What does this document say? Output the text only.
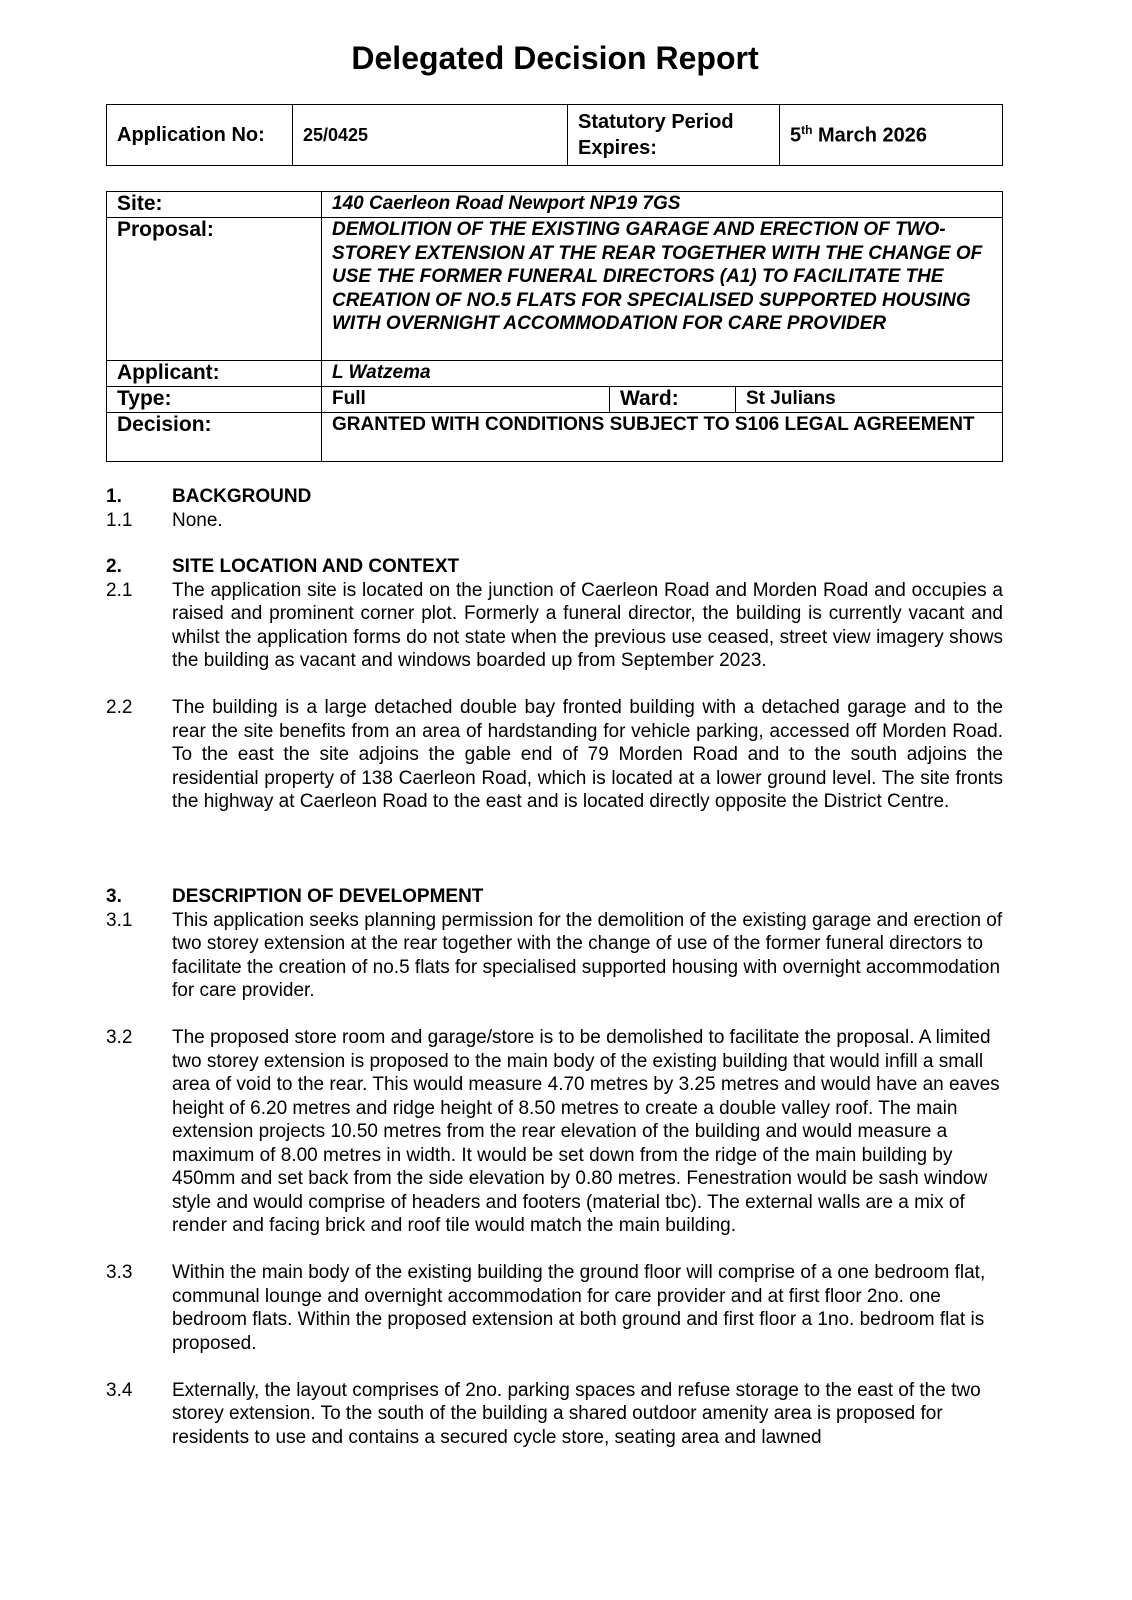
Delegated Decision Report
Application No:	25/0425	Statutory Period Expires:	5th March 2026
Site:	140 Caerleon Road Newport NP19 7GS		
Proposal:	DEMOLITION OF THE EXISTING GARAGE AND ERECTION OF TWO-STOREY EXTENSION AT THE REAR TOGETHER WITH THE CHANGE OF USE THE FORMER FUNERAL DIRECTORS (A1) TO FACILITATE THE CREATION OF NO.5 FLATS FOR SPECIALISED SUPPORTED HOUSING WITH OVERNIGHT ACCOMMODATION FOR CARE PROVIDER		
Applicant:	L Watzema		
Type:	Full	Ward:	St Julians
Decision:	GRANTED WITH CONDITIONS SUBJECT TO S106 LEGAL AGREEMENT		
1.	BACKGROUND
1.1 None.
2.	SITE LOCATION AND CONTEXT
2.1 The application site is located on the junction of Caerleon Road and Morden Road and occupies a raised and prominent corner plot. Formerly a funeral director, the building is currently vacant and whilst the application forms do not state when the previous use ceased, street view imagery shows the building as vacant and windows boarded up from September 2023.
2.2 The building is a large detached double bay fronted building with a detached garage and to the rear the site benefits from an area of hardstanding for vehicle parking, accessed off Morden Road. To the east the site adjoins the gable end of 79 Morden Road and to the south adjoins the residential property of 138 Caerleon Road, which is located at a lower ground level. The site fronts the highway at Caerleon Road to the east and is located directly opposite the District Centre.
3.	DESCRIPTION OF DEVELOPMENT
3.1 This application seeks planning permission for the demolition of the existing garage and erection of two storey extension at the rear together with the change of use of the former funeral directors to facilitate the creation of no.5 flats for specialised supported housing with overnight accommodation for care provider.
3.2 The proposed store room and garage/store is to be demolished to facilitate the proposal. A limited two storey extension is proposed to the main body of the existing building that would infill a small area of void to the rear. This would measure 4.70 metres by 3.25 metres and would have an eaves height of 6.20 metres and ridge height of 8.50 metres to create a double valley roof. The main extension projects 10.50 metres from the rear elevation of the building and would measure a maximum of 8.00 metres in width. It would be set down from the ridge of the main building by 450mm and set back from the side elevation by 0.80 metres. Fenestration would be sash window style and would comprise of headers and footers (material tbc). The external walls are a mix of render and facing brick and roof tile would match the main building.
3.3 Within the main body of the existing building the ground floor will comprise of a one bedroom flat, communal lounge and overnight accommodation for care provider and at first floor 2no. one bedroom flats. Within the proposed extension at both ground and first floor a 1no. bedroom flat is proposed.
3.4 Externally, the layout comprises of 2no. parking spaces and refuse storage to the east of the two storey extension. To the south of the building a shared outdoor amenity area is proposed for residents to use and contains a secured cycle store, seating area and lawned
